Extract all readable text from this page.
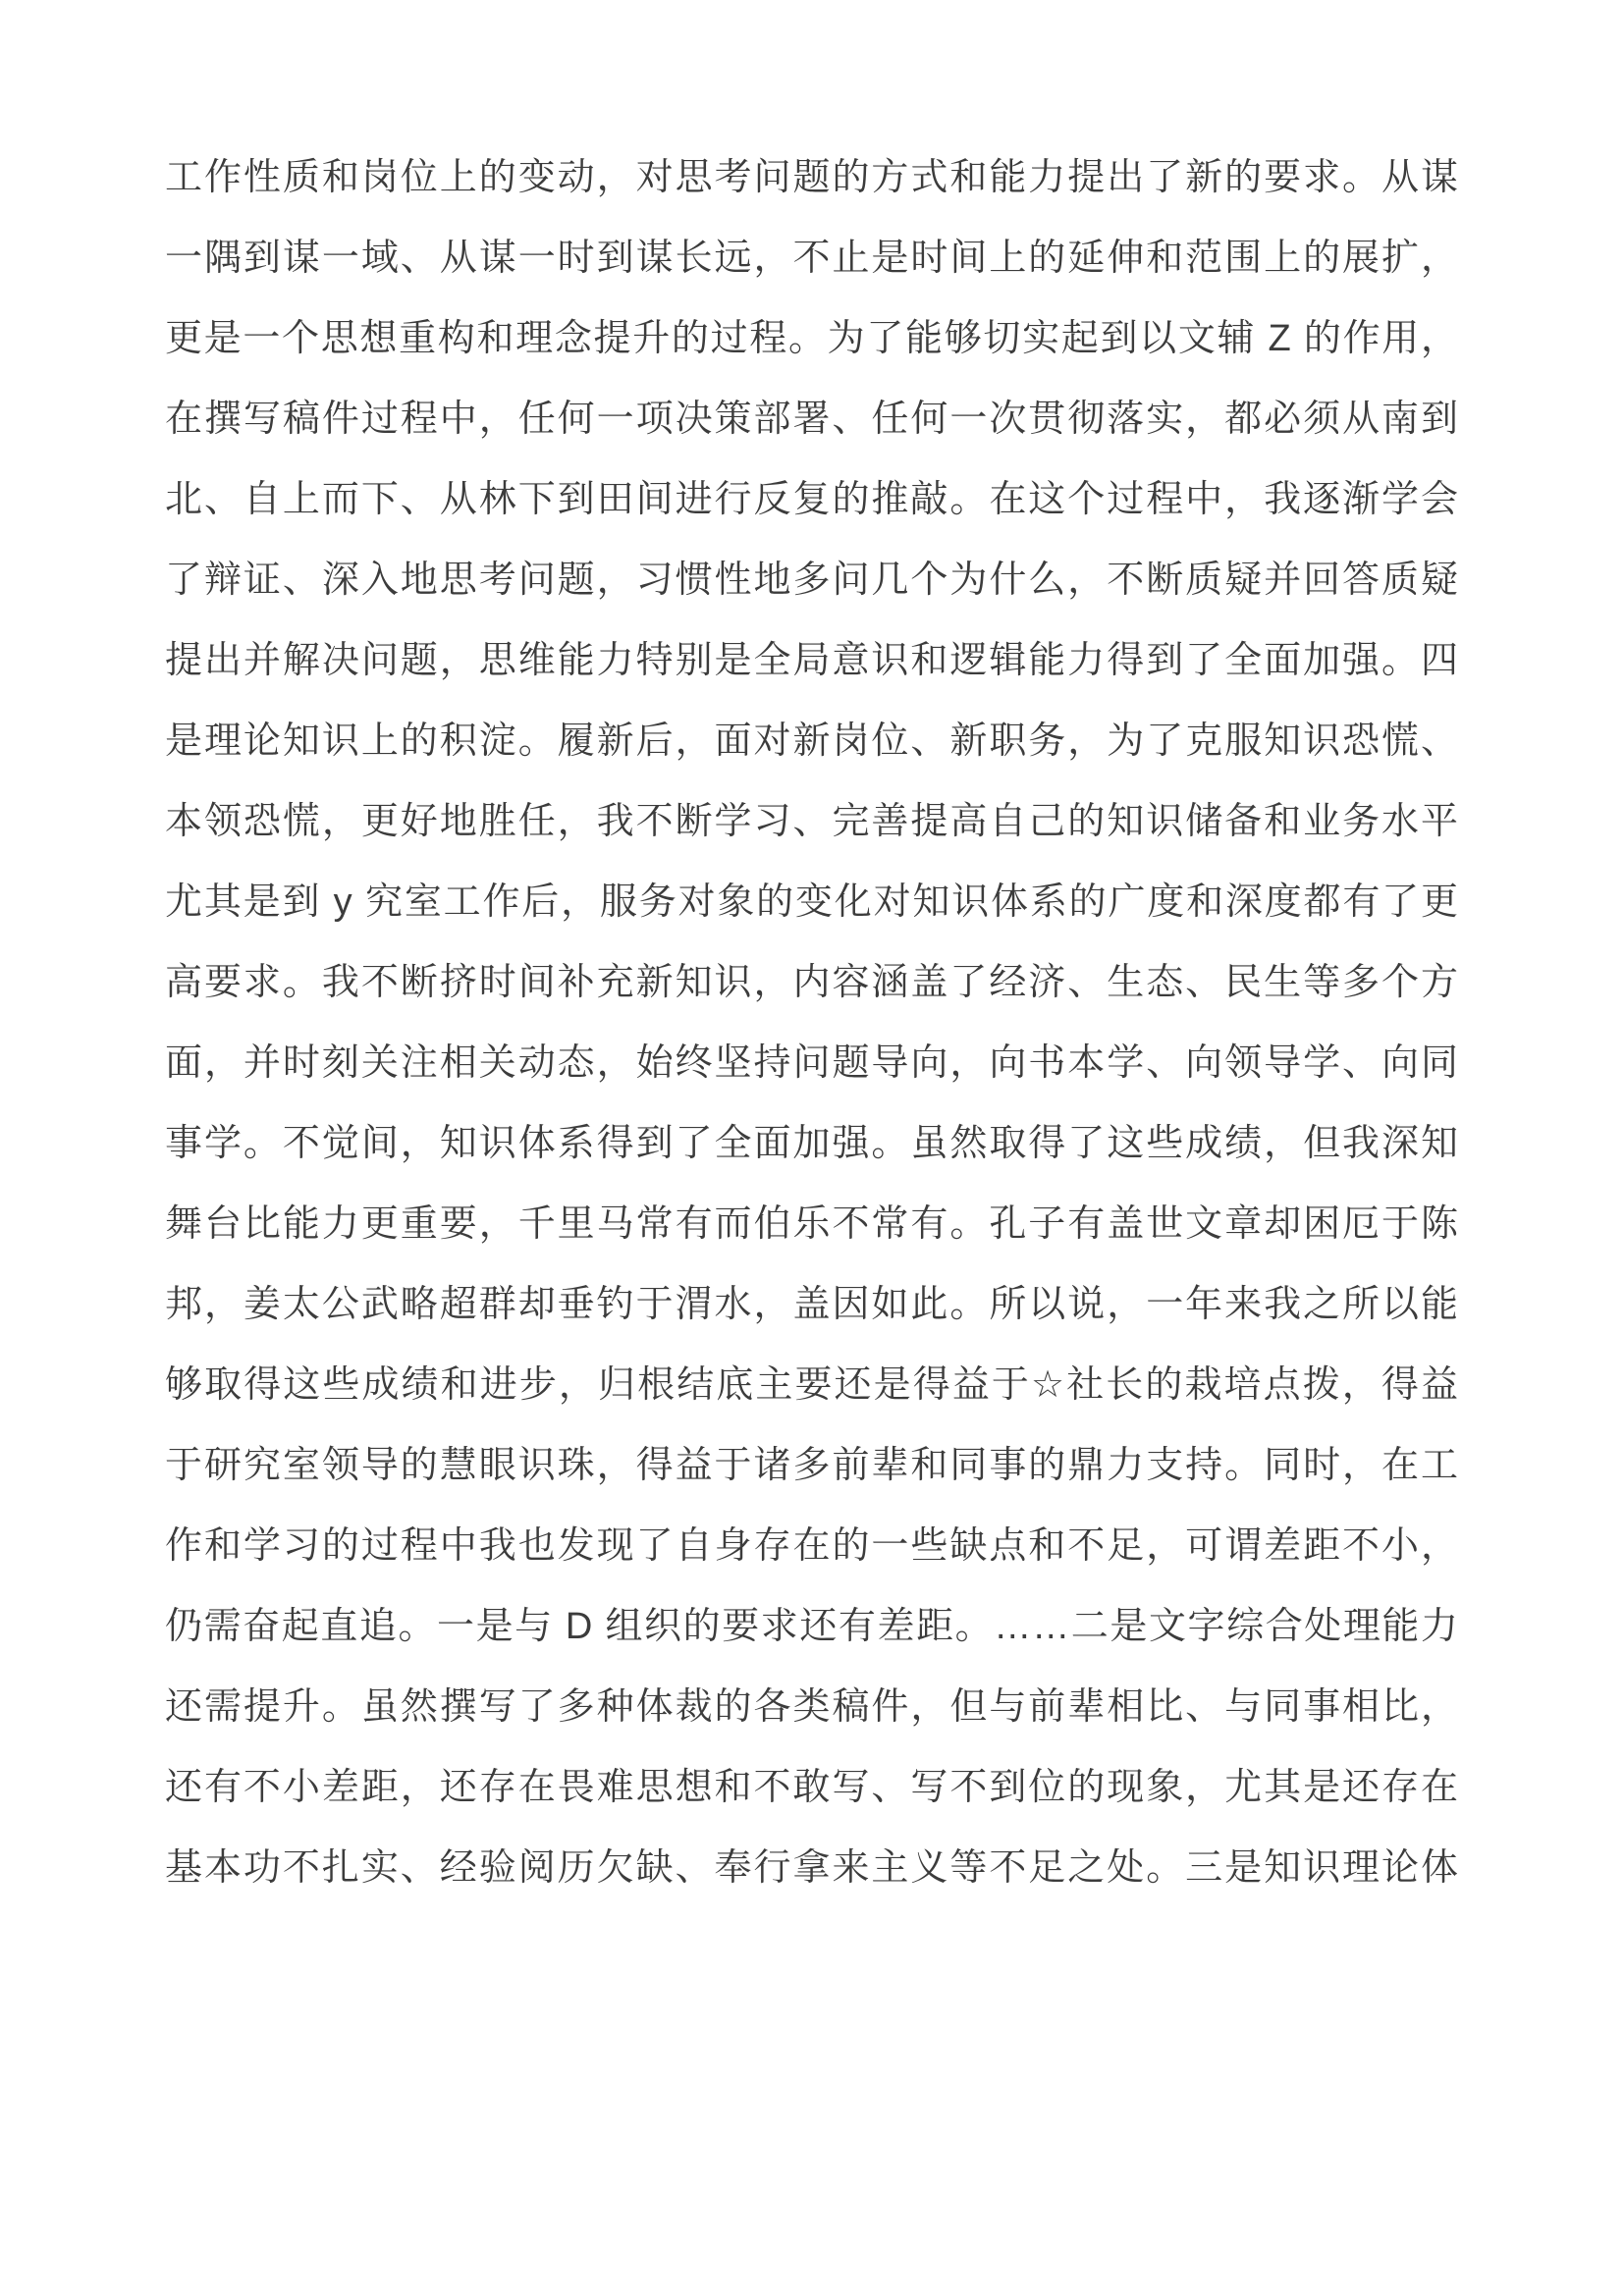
工作性质和岗位上的变动，对思考问题的方式和能力提出了新的要求。从谋
一隅到谋一域、从谋一时到谋长远，不止是时间上的延伸和范围上的展扩，
更是一个思想重构和理念提升的过程。为了能够切实起到以文辅 Z 的作用，
在撰写稿件过程中，任何一项决策部署、任何一次贯彻落实，都必须从南到
北、自上而下、从林下到田间进行反复的推敲。在这个过程中，我逐渐学会
了辩证、深入地思考问题，习惯性地多问几个为什么，不断质疑并回答质疑
提出并解决问题，思维能力特别是全局意识和逻辑能力得到了全面加强。四
是理论知识上的积淀。履新后，面对新岗位、新职务，为了克服知识恐慌、
本领恐慌，更好地胜任，我不断学习、完善提高自己的知识储备和业务水平
尤其是到 y 究室工作后，服务对象的变化对知识体系的广度和深度都有了更
高要求。我不断挤时间补充新知识，内容涵盖了经济、生态、民生等多个方
面，并时刻关注相关动态，始终坚持问题导向，向书本学、向领导学、向同
事学。不觉间，知识体系得到了全面加强。虽然取得了这些成绩，但我深知
舞台比能力更重要，千里马常有而伯乐不常有。孔子有盖世文章却困厄于陈
邦，姜太公武略超群却垂钓于渭水，盖因如此。所以说，一年来我之所以能
够取得这些成绩和进步，归根结底主要还是得益于☆社长的栽培点拨，得益
于研究室领导的慧眼识珠，得益于诸多前辈和同事的鼎力支持。同时，在工
作和学习的过程中我也发现了自身存在的一些缺点和不足，可谓差距不小，
仍需奋起直追。一是与 D 组织的要求还有差距。……二是文字综合处理能力
还需提升。虽然撰写了多种体裁的各类稿件，但与前辈相比、与同事相比，
还有不小差距，还存在畏难思想和不敢写、写不到位的现象，尤其是还存在
基本功不扎实、经验阅历欠缺、奉行拿来主义等不足之处。三是知识理论体
